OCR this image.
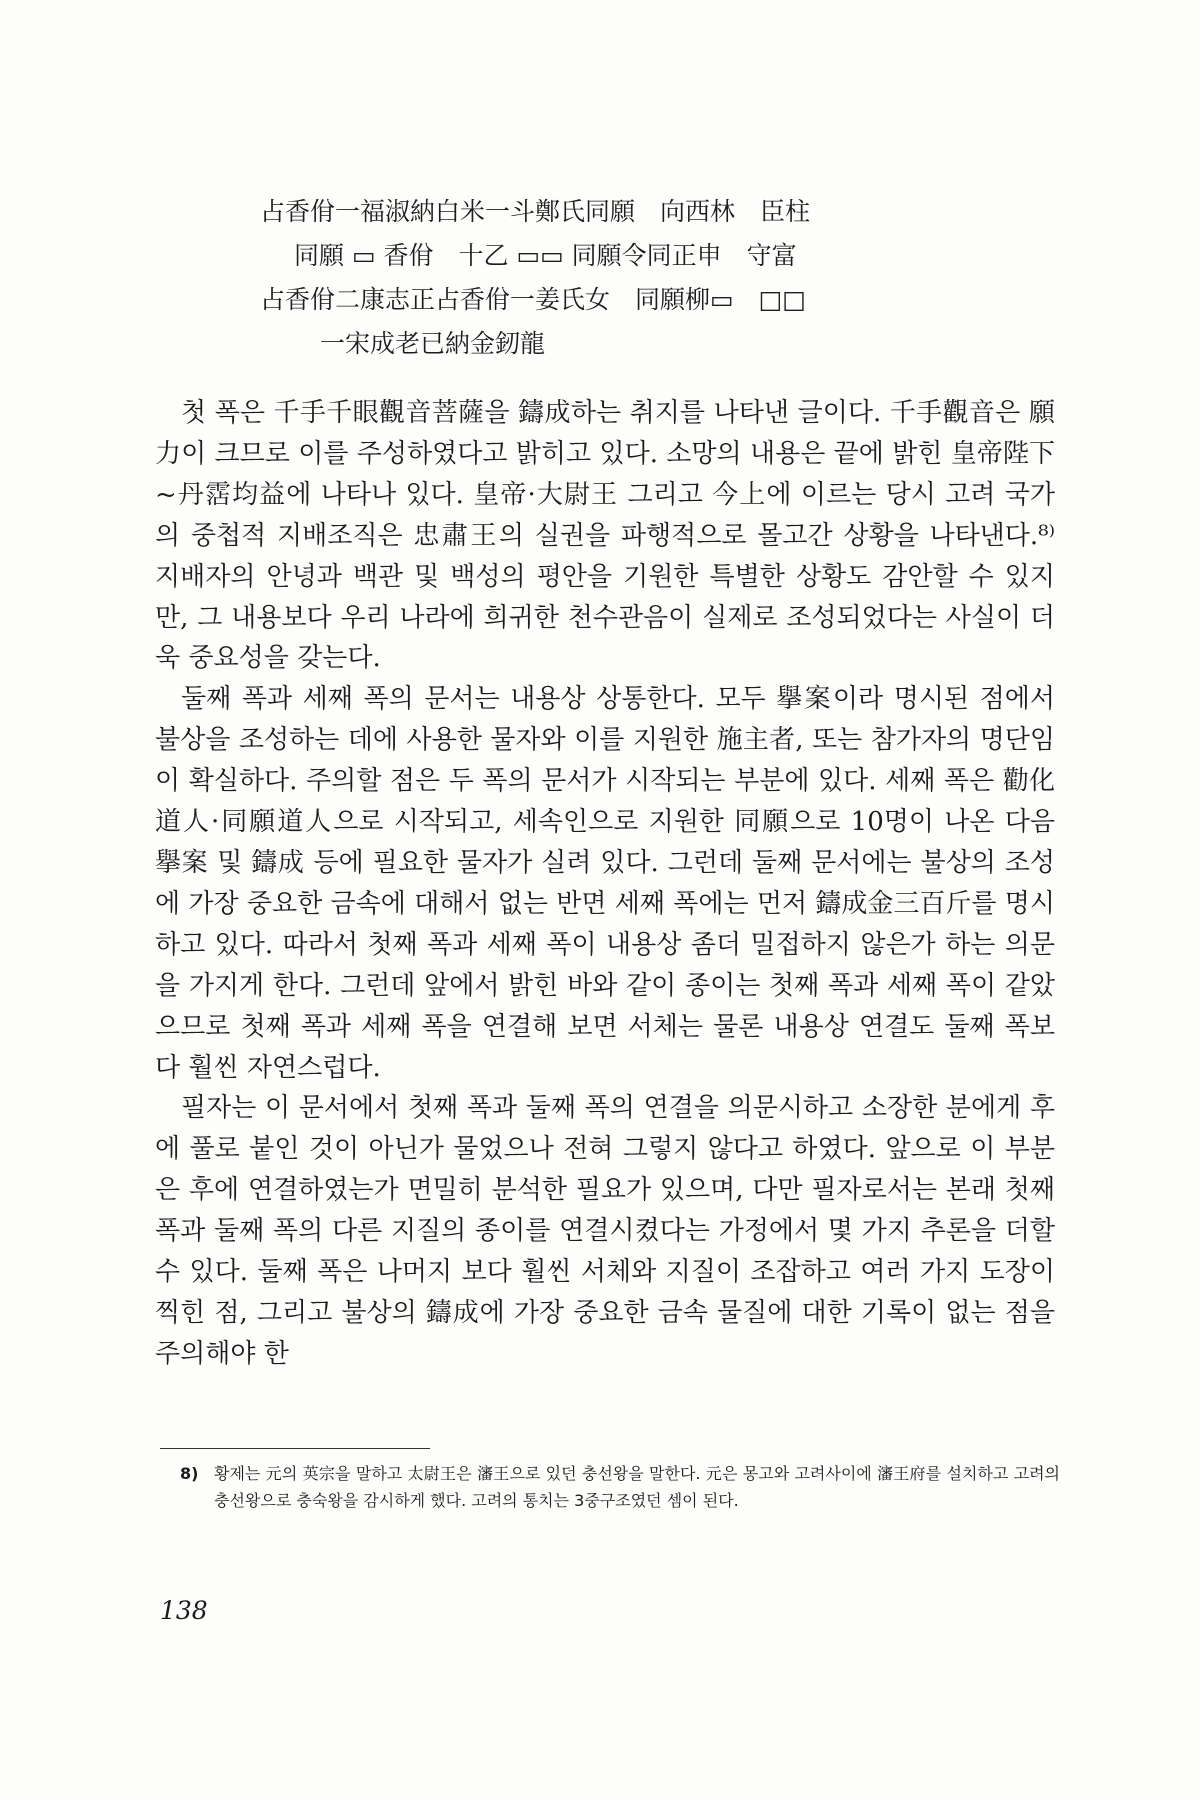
占香佾一福淑納白米一斗鄭氏同願　向西林　臣柱
同願 ▭ 香佾　十乙 ▭▭ 同願令同正申　守富
占香佾二康志正占香佾一姜氏女　同願柳▭　□□
一宋成老已納金釰龍

첫 폭은 千手千眼觀音菩薩을 鑄成하는 취지를 나타낸 글이다. 千手觀音은 願力이 크므로 이를 주성하였다고 밝히고 있다. 소망의 내용은 끝에 밝힌 皇帝陛下~丹霑均益에 나타나 있다. 皇帝·大尉王 그리고 今上에 이르는 당시 고려 국가의 중첩적 지배조직은 忠肅王의 실권을 파행적으로 몰고간 상황을 나타낸다.⁸⁾ 지배자의 안녕과 백관 및 백성의 평안을 기원한 특별한 상황도 감안할 수 있지만, 그 내용보다 우리 나라에 희귀한 천수관음이 실제로 조성되었다는 사실이 더욱 중요성을 갖는다.

둘째 폭과 세째 폭의 문서는 내용상 상통한다. 모두 擧案이라 명시된 점에서 불상을 조성하는 데에 사용한 물자와 이를 지원한 施主者, 또는 참가자의 명단임이 확실하다. 주의할 점은 두 폭의 문서가 시작되는 부분에 있다. 세째 폭은 勸化道人·同願道人으로 시작되고, 세속인으로 지원한 同願으로 10명이 나온 다음 擧案 및 鑄成 등에 필요한 물자가 실려 있다. 그런데 둘째 문서에는 불상의 조성에 가장 중요한 금속에 대해서 없는 반면 세째 폭에는 먼저 鑄成金三百斤를 명시하고 있다. 따라서 첫째 폭과 세째 폭이 내용상 좀더 밀접하지 않은가 하는 의문을 가지게 한다. 그런데 앞에서 밝힌 바와 같이 종이는 첫째 폭과 세째 폭이 같았으므로 첫째 폭과 세째 폭을 연결해 보면 서체는 물론 내용상 연결도 둘째 폭보다 훨씬 자연스럽다.

필자는 이 문서에서 첫째 폭과 둘째 폭의 연결을 의문시하고 소장한 분에게 후에 풀로 붙인 것이 아닌가 물었으나 전혀 그렇지 않다고 하였다. 앞으로 이 부분은 후에 연결하였는가 면밀히 분석한 필요가 있으며, 다만 필자로서는 본래 첫째 폭과 둘째 폭의 다른 지질의 종이를 연결시켰다는 가정에서 몇 가지 추론을 더할 수 있다. 둘째 폭은 나머지 보다 훨씬 서체와 지질이 조잡하고 여러 가지 도장이 찍힌 점, 그리고 불상의 鑄成에 가장 중요한 금속 물질에 대한 기록이 없는 점을 주의해야 한

8) 황제는 元의 英宗을 말하고 太尉王은 瀋王으로 있던 충선왕을 말한다. 元은 몽고와 고려사이에 瀋王府를 설치하고 고려의 충선왕으로 충숙왕을 감시하게 했다. 고려의 통치는 3중구조였던 셈이 된다.
138
